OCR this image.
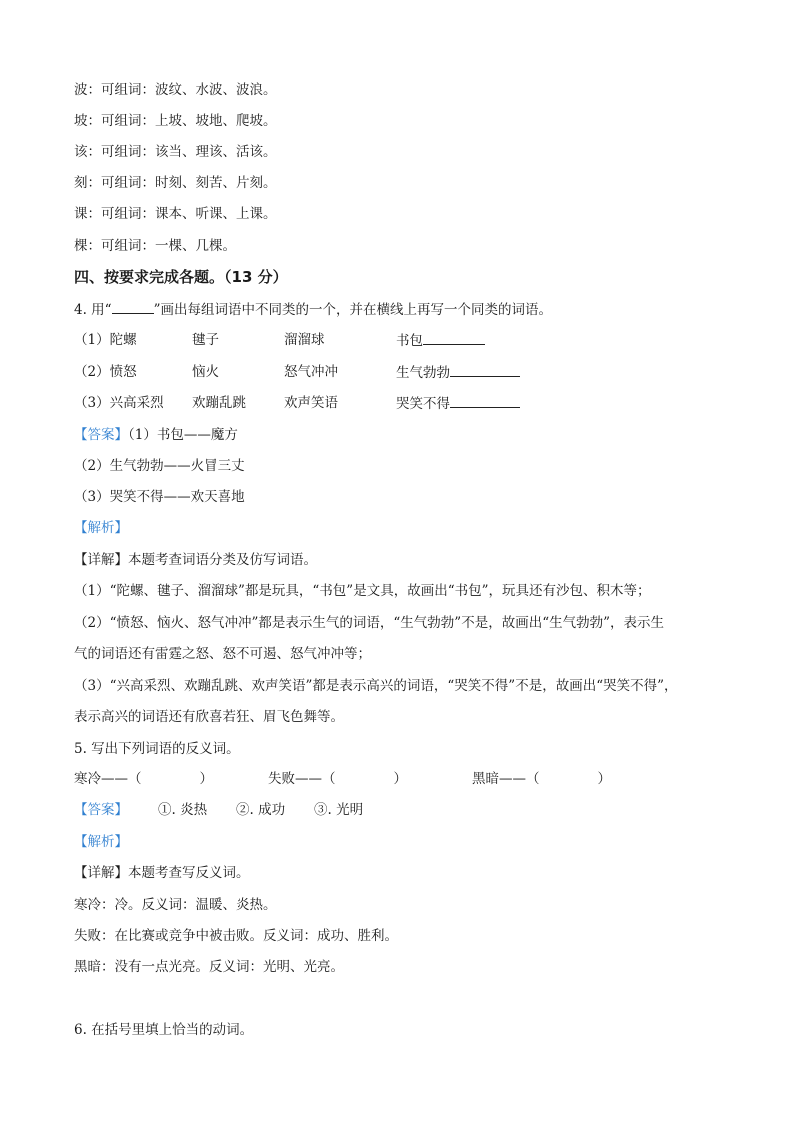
波：可组词：波纹、水波、波浪。
坡：可组词：上坡、坡地、爬坡。
该：可组词：该当、理该、活该。
刻：可组词：时刻、刻苦、片刻。
课：可组词：课本、听课、上课。
棵：可组词：一棵、几棵。
四、按要求完成各题。（13 分）
4. 用“	”画出每组词语中不同类的一个，并在横线上再写一个同类的词语。
（1）陀螺	毽子	溜溜球	书包
（2）愤怒	恼火	怒气冲冲	生气勃勃
（3）兴高采烈 欢蹦乱跳	欢声笑语	哭笑不得
【答案】（1）书包——魔方
（2）生气勃勃——火冒三丈
（3）哭笑不得——欢天喜地
【解析】
【详解】本题考查词语分类及仿写词语。
（1）“陀螺、毽子、溜溜球”都是玩具，“书包”是文具，故画出“书包”，玩具还有沙包、积木等；
（2）“愤怒、恼火、怒气冲冲”都是表示生气的词语，“生气勃勃”不是，故画出“生气勃勃”，表示生
气的词语还有雷霆之怒、怒不可遏、怒气冲冲等；
（3）“兴高采烈、欢蹦乱跳、欢声笑语”都是表示高兴的词语，“哭笑不得”不是，故画出“哭笑不得”，
表示高兴的词语还有欣喜若狂、眉飞色舞等。
5. 写出下列词语的反义词。
寒冷——（	）	失败——（	）	黑暗——（	）
【答案】 ①. 炎热 ②. 成功 ③. 光明
【解析】
【详解】本题考查写反义词。
寒冷：冷。反义词：温暖、炎热。
失败：在比赛或竞争中被击败。反义词：成功、胜利。
黑暗：没有一点光亮。反义词：光明、光亮。
6. 在括号里填上恰当的动词。
